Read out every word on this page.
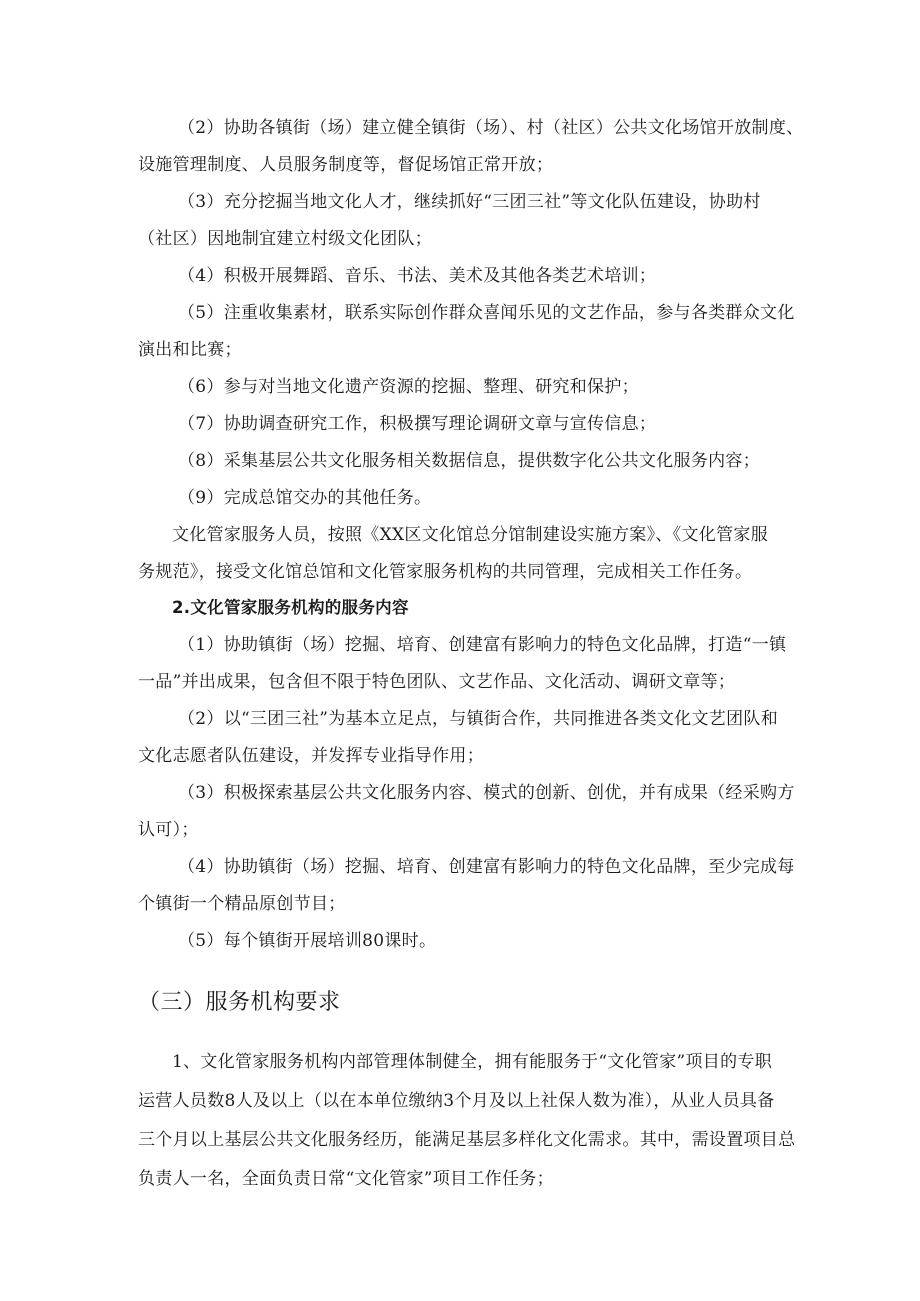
（2）协助各镇街（场）建立健全镇街（场）、村（社区）公共文化场馆开放制度、

设施管理制度、人员服务制度等，督促场馆正常开放；

（3）充分挖掘当地文化人才，继续抓好“三团三社”等文化队伍建设，协助村

（社区）因地制宜建立村级文化团队；

（4）积极开展舞蹈、音乐、书法、美术及其他各类艺术培训；

（5）注重收集素材，联系实际创作群众喜闻乐见的文艺作品，参与各类群众文化

演出和比赛；

（6）参与对当地文化遗产资源的挖掘、整理、研究和保护；

（7）协助调查研究工作，积极撰写理论调研文章与宣传信息；

（8）采集基层公共文化服务相关数据信息，提供数字化公共文化服务内容；

（9）完成总馆交办的其他任务。

文化管家服务人员，按照《XX区文化馆总分馆制建设实施方案》、《文化管家服

务规范》，接受文化馆总馆和文化管家服务机构的共同管理，完成相关工作任务。

2.文化管家服务机构的服务内容

（1）协助镇街（场）挖掘、培育、创建富有影响力的特色文化品牌，打造“一镇

一品”并出成果，包含但不限于特色团队、文艺作品、文化活动、调研文章等；

（2）以“三团三社”为基本立足点，与镇街合作，共同推进各类文化文艺团队和

文化志愿者队伍建设，并发挥专业指导作用；

（3）积极探索基层公共文化服务内容、模式的创新、创优，并有成果（经采购方

认可）；

（4）协助镇街（场）挖掘、培育、创建富有影响力的特色文化品牌，至少完成每

个镇街一个精品原创节目；

（5）每个镇街开展培训80课时。

（三）服务机构要求

1、文化管家服务机构内部管理体制健全，拥有能服务于“文化管家”项目的专职

运营人员数8人及以上（以在本单位缴纳3个月及以上社保人数为准），从业人员具备

三个月以上基层公共文化服务经历，能满足基层多样化文化需求。其中，需设置项目总

负责人一名，全面负责日常“文化管家”项目工作任务；
